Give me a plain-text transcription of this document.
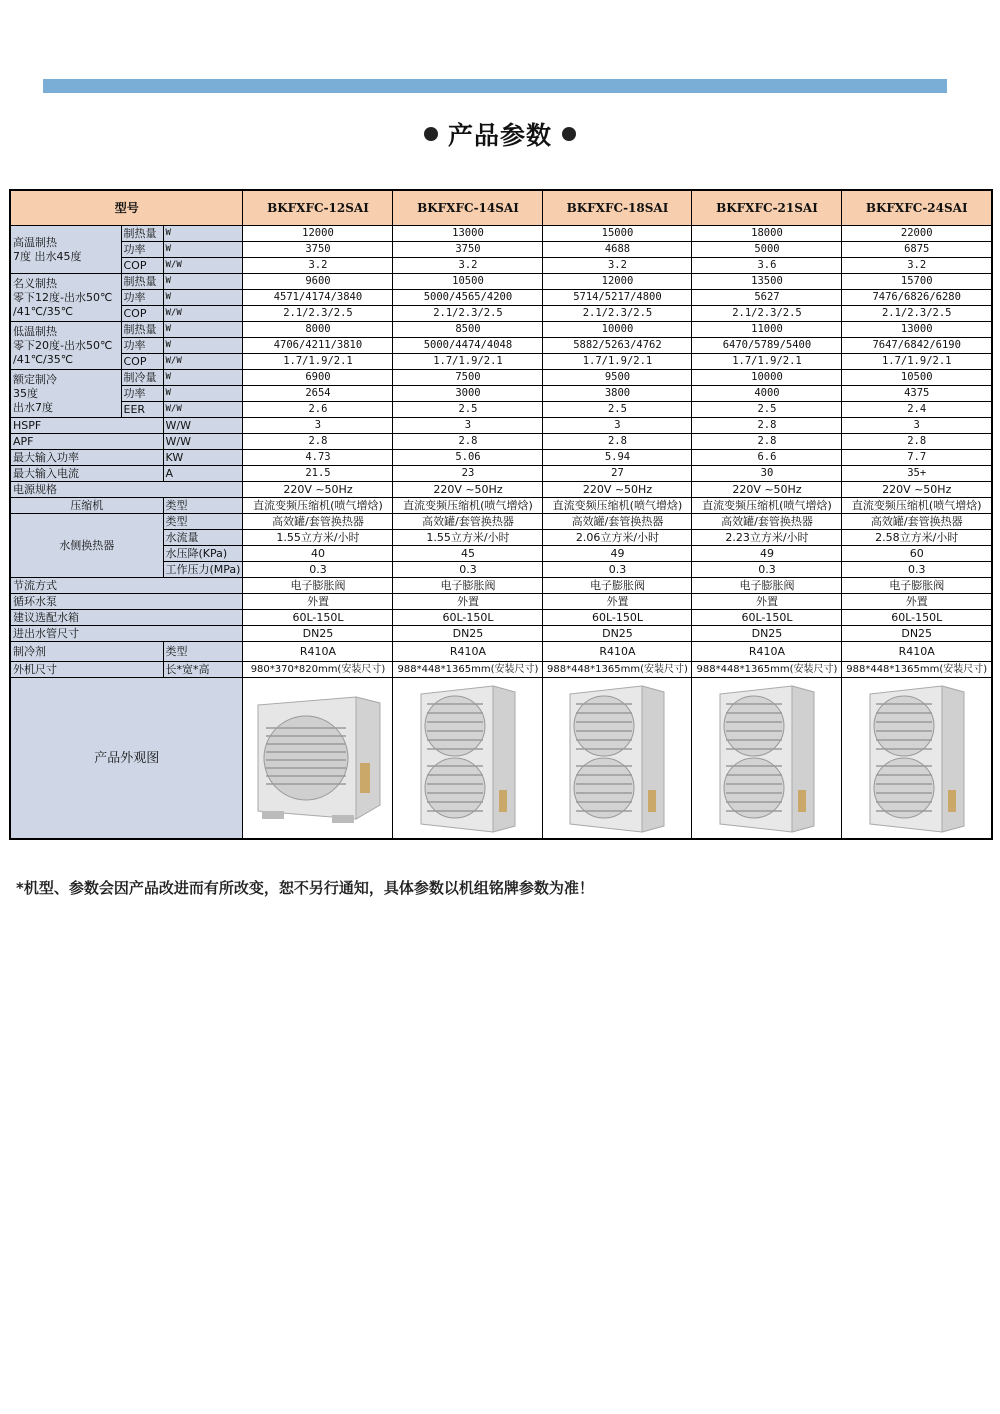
产品参数
型号			BKFXFC-12SAI	BKFXFC-14SAI	BKFXFC-18SAI	BKFXFC-21SAI	BKFXFC-24SAI
高温制热
7度 出水45度	制热量	W	12000	13000	15000	18000	22000
	功率	W	3750	3750	4688	5000	6875
	COP	W/W	3.2	3.2	3.2	3.6	3.2
名义制热
零下12度-出水50℃
/41℃/35℃	制热量	W	9600	10500	12000	13500	15700
	功率	W	4571/4174/3840	5000/4565/4200	5714/5217/4800	5627	7476/6826/6280
	COP	W/W	2.1/2.3/2.5	2.1/2.3/2.5	2.1/2.3/2.5	2.1/2.3/2.5	2.1/2.3/2.5
低温制热
零下20度-出水50℃
/41℃/35℃	制热量	W	8000	8500	10000	11000	13000
	功率	W	4706/4211/3810	5000/4474/4048	5882/5263/4762	6470/5789/5400	7647/6842/6190
	COP	W/W	1.7/1.9/2.1	1.7/1.9/2.1	1.7/1.9/2.1	1.7/1.9/2.1	1.7/1.9/2.1
额定制冷
35度
出水7度	制冷量	W	6900	7500	9500	10000	10500
	功率	W	2654	3000	3800	4000	4375
	EER	W/W	2.6	2.5	2.5	2.5	2.4
HSPF		W/W	3	3	3	2.8	3
APF		W/W	2.8	2.8	2.8	2.8	2.8
最大输入功率		KW	4.73	5.06	5.94	6.6	7.7
最大输入电流		A	21.5	23	27	30	35+
电源规格			220V ~50Hz	220V ~50Hz	220V ~50Hz	220V ~50Hz	220V ~50Hz
压缩机		类型	直流变频压缩机(喷气增焓)	直流变频压缩机(喷气增焓)	直流变频压缩机(喷气增焓)	直流变频压缩机(喷气增焓)	直流变频压缩机(喷气增焓)
水侧换热器		类型	高效罐/套管换热器	高效罐/套管换热器	高效罐/套管换热器	高效罐/套管换热器	高效罐/套管换热器
		水流量	1.55立方米/小时	1.55立方米/小时	2.06立方米/小时	2.23立方米/小时	2.58立方米/小时
		水压降(KPa)	40	45	49	49	60
		工作压力(MPa)	0.3	0.3	0.3	0.3	0.3
节流方式			电子膨胀阀	电子膨胀阀	电子膨胀阀	电子膨胀阀	电子膨胀阀
循环水泵			外置	外置	外置	外置	外置
建议选配水箱			60L-150L	60L-150L	60L-150L	60L-150L	60L-150L
进出水管尺寸			DN25	DN25	DN25	DN25	DN25
制冷剂		类型	R410A	R410A	R410A	R410A	R410A
外机尺寸		长*宽*高	980*370*820mm(安装尺寸)	988*448*1365mm(安装尺寸)	988*448*1365mm(安装尺寸)	988*448*1365mm(安装尺寸)	988*448*1365mm(安装尺寸)
产品外观图	

*机型、参数会因产品改进而有所改变，恕不另行通知，具体参数以机组铭牌参数为准！
